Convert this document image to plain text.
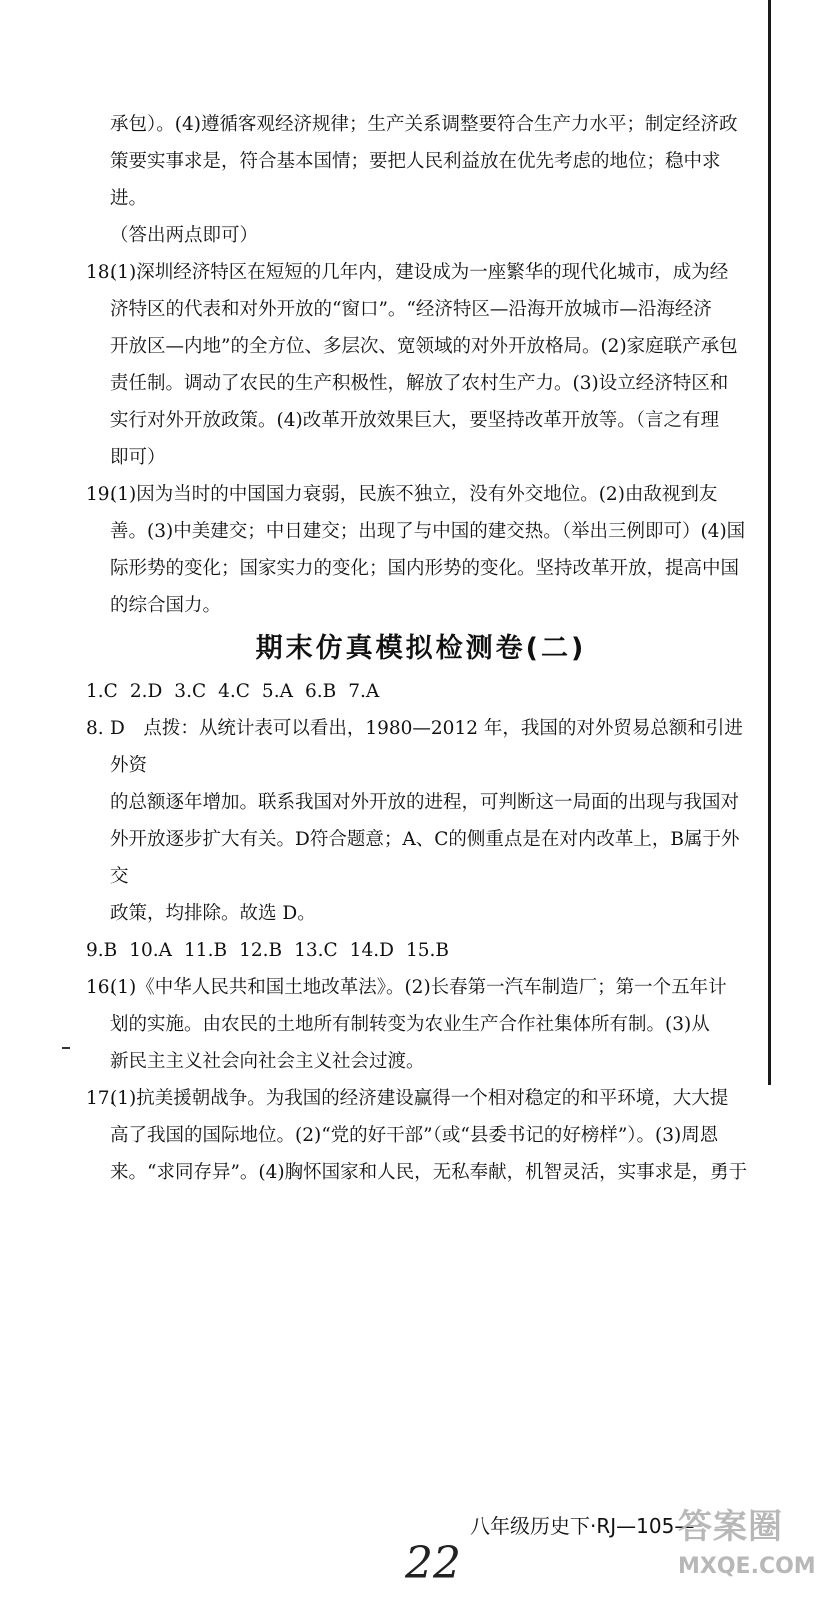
承包）。(4)遵循客观经济规律；生产关系调整要符合生产力水平；制定经济政

策要实事求是，符合基本国情；要把人民利益放在优先考虑的地位；稳中求进。

（答出两点即可）

18.

(1)深圳经济特区在短短的几年内，建设成为一座繁华的现代化城市，成为经

济特区的代表和对外开放的“窗口”。“经济特区—沿海开放城市—沿海经济

开放区—内地”的全方位、多层次、宽领域的对外开放格局。(2)家庭联产承包

责任制。调动了农民的生产积极性，解放了农村生产力。(3)设立经济特区和

实行对外开放政策。(4)改革开放效果巨大，要坚持改革开放等。（言之有理

即可）

19.

(1)因为当时的中国国力衰弱，民族不独立，没有外交地位。(2)由敌视到友

善。(3)中美建交；中日建交；出现了与中国的建交热。（举出三例即可）(4)国

际形势的变化；国家实力的变化；国内形势的变化。坚持改革开放，提高中国

的综合国力。

期末仿真模拟检测卷(二)
1.C 2.D 3.C 4.C 5.A 6.B 7.A
8. D　点拨：从统计表可以看出，1980—2012 年，我国的对外贸易总额和引进外资

的总额逐年增加。联系我国对外开放的进程，可判断这一局面的出现与我国对

外开放逐步扩大有关。D符合题意；A、C的侧重点是在对内改革上，B属于外交

政策，均排除。故选 D。

9.B 10.A 11.B 12.B 13.C 14.D 15.B
16.

(1)《中华人民共和国土地改革法》。(2)长春第一汽车制造厂；第一个五年计

划的实施。由农民的土地所有制转变为农业生产合作社集体所有制。(3)从

新民主主义社会向社会主义社会过渡。

17.

(1)抗美援朝战争。为我国的经济建设赢得一个相对稳定的和平环境，大大提

高了我国的国际地位。(2)“党的好干部”（或“县委书记的好榜样”）。(3)周恩

来。“求同存异”。(4)胸怀国家和人民，无私奉献，机智灵活，实事求是，勇于

22
八年级历史下·RJ—105—
答案圈
MXQE.COM
